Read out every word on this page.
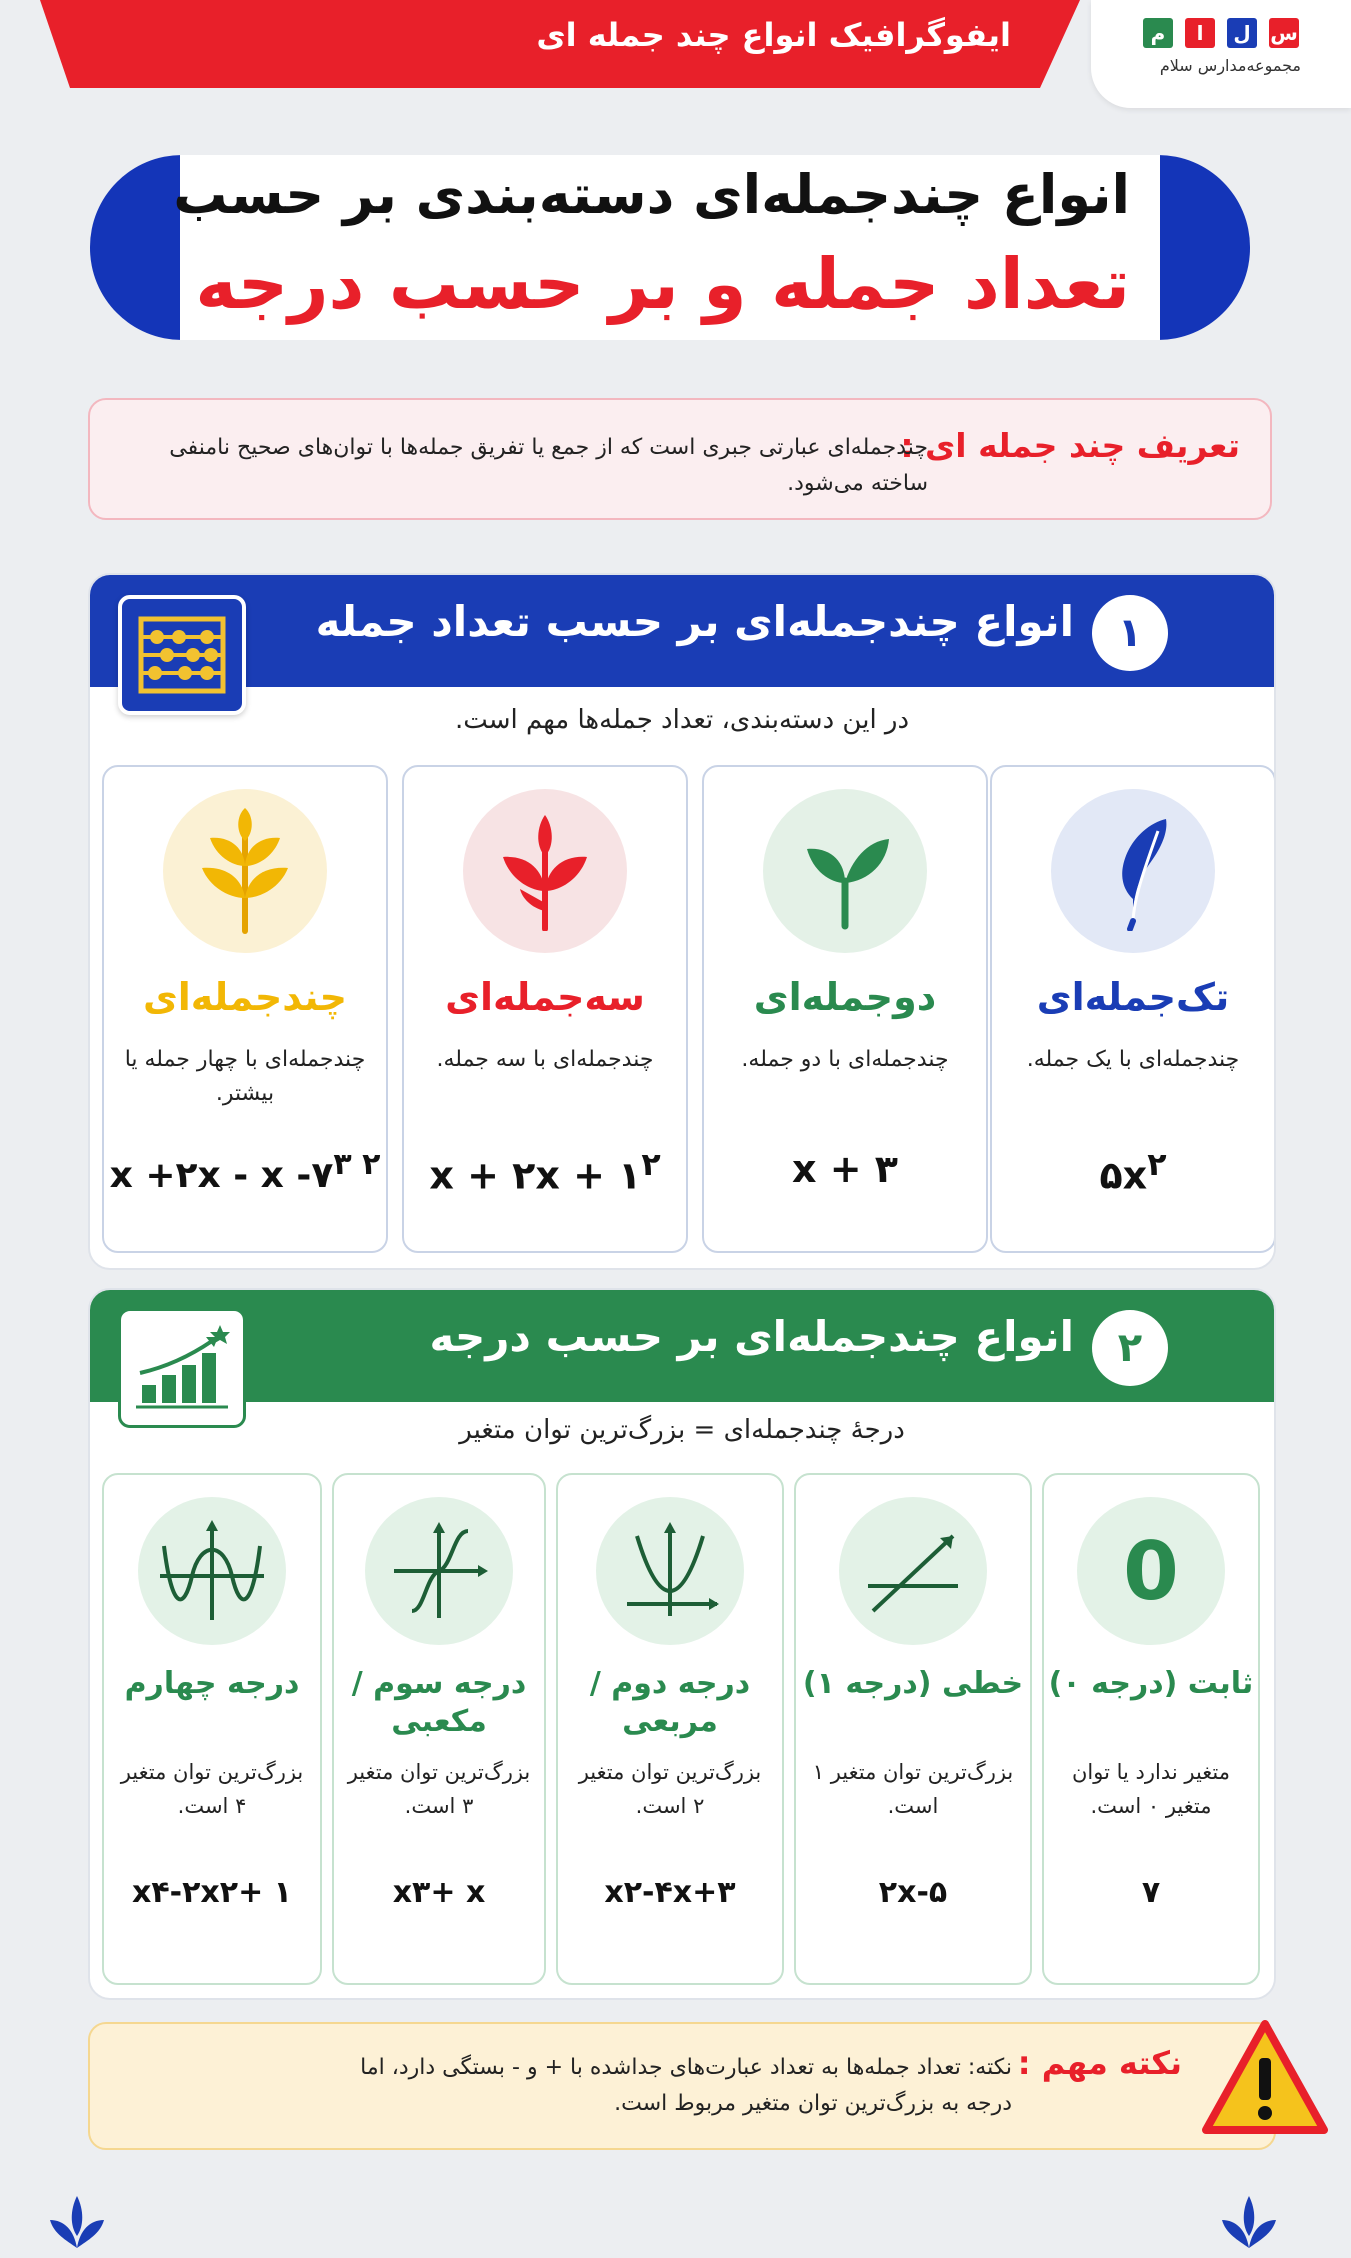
ایفوگرافیک انواع چند جمله ای	س
ل
ا
م
مجموعه‌مدارس سلام
انواع چندجمله‌ای دسته‌بندی بر حسب
تعداد جمله و بر حسب درجه
تعریف چند جمله ای :
چندجمله‌ای عبارتی جبری است که از جمع یا تفریق جمله‌ها با توان‌های صحیح نامنفی ساخته می‌شود.
۱
انواع چندجمله‌ای بر حسب تعداد جمله
در این دسته‌بندی، تعداد جمله‌ها مهم است.
تک‌جمله‌ای
چندجمله‌ای با یک جمله.
$۵x^۲$
دوجمله‌ای
چندجمله‌ای با دو جمله.
x + ۳
سه‌جمله‌ای
چندجمله‌ای با سه جمله.
x + ۲x + $۱^۲$
چندجمله‌ای
چندجمله‌ای با چهار جمله یا بیشتر.
x +۲x - x $-۷^{۳ ۲}$
۲
انواع چندجمله‌ای بر حسب درجه
درجهٔ چندجمله‌ای = بزرگ‌ترین توان متغیر
0
ثابت (درجه ۰)
متغیر ندارد یا توان متغیر ۰ است.
۷
خطی (درجه ۱)
بزرگ‌ترین توان متغیر ۱ است.
۲x-۵
درجه دوم / مربعی
بزرگ‌ترین توان متغیر ۲ است.
x۲-۴x+۳
درجه سوم / مکعبی
بزرگ‌ترین توان متغیر ۳ است.
x۳+ x
درجه چهارم
بزرگ‌ترین توان متغیر ۴ است.
x۴-۲x۲+ ۱
نکته مهم :
نکته: تعداد جمله‌ها به تعداد عبارت‌های جداشده با + و - بستگی دارد، اما درجه به بزرگ‌ترین توان متغیر مربوط است.
